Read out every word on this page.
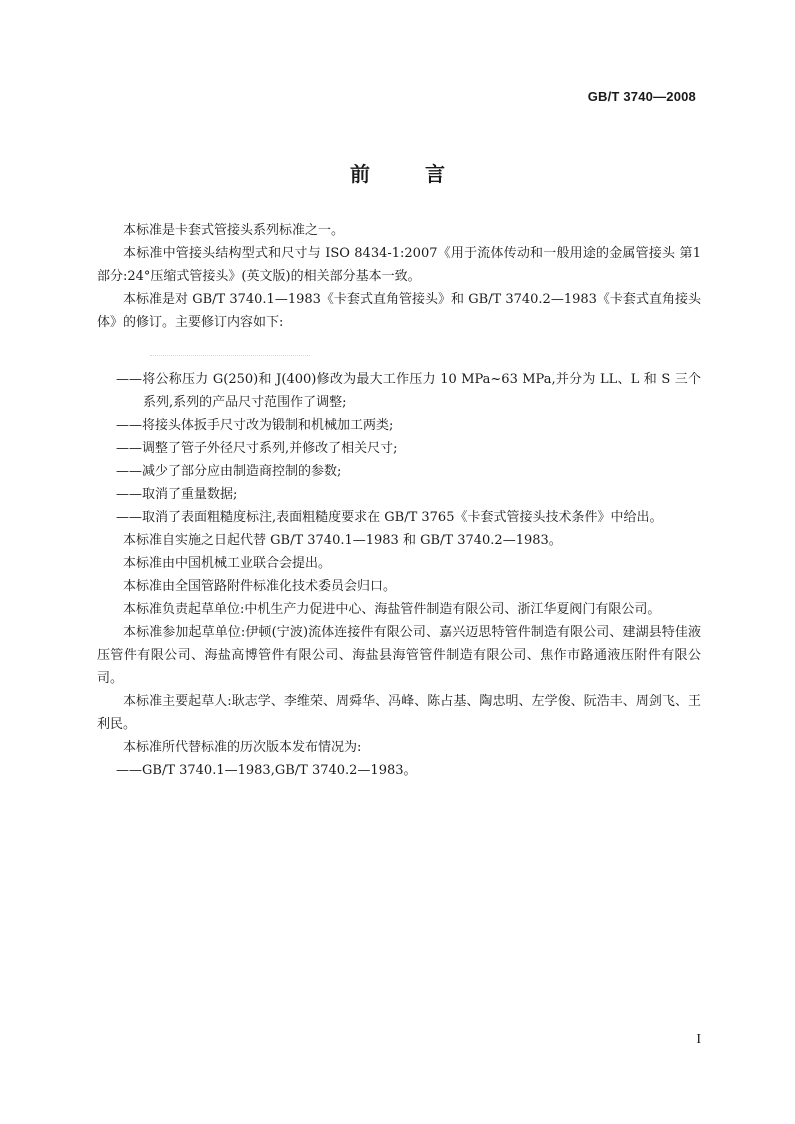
GB/T 3740—2008
前 言

本标准是卡套式管接头系列标准之一。

本标准中管接头结构型式和尺寸与 ISO 8434-1:2007《用于流体传动和一般用途的金属管接头 第1部分:24°压缩式管接头》(英文版)的相关部分基本一致。

本标准是对 GB/T 3740.1—1983《卡套式直角管接头》和 GB/T 3740.2—1983《卡套式直角接头体》的修订。主要修订内容如下:

——将公称压力 G(250)和 J(400)修改为最大工作压力 10 MPa~63 MPa,并分为 LL、L 和 S 三个系列,系列的产品尺寸范围作了调整;

——将接头体扳手尺寸改为锻制和机械加工两类;

——调整了管子外径尺寸系列,并修改了相关尺寸;

——减少了部分应由制造商控制的参数;

——取消了重量数据;

——取消了表面粗糙度标注,表面粗糙度要求在 GB/T 3765《卡套式管接头技术条件》中给出。

本标准自实施之日起代替 GB/T 3740.1—1983 和 GB/T 3740.2—1983。

本标准由中国机械工业联合会提出。

本标准由全国管路附件标准化技术委员会归口。

本标准负责起草单位:中机生产力促进中心、海盐管件制造有限公司、浙江华夏阀门有限公司。

本标准参加起草单位:伊顿(宁波)流体连接件有限公司、嘉兴迈思特管件制造有限公司、建湖县特佳液压管件有限公司、海盐高博管件有限公司、海盐县海管管件制造有限公司、焦作市路通液压附件有限公司。

本标准主要起草人:耿志学、李维荣、周舜华、冯峰、陈占基、陶忠明、左学俊、阮浩丰、周剑飞、王利民。

本标准所代替标准的历次版本发布情况为:

——GB/T 3740.1—1983,GB/T 3740.2—1983。

I
